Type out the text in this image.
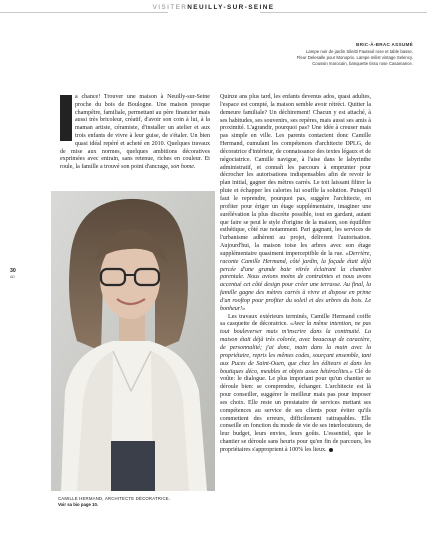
VISITERNEUILLY-SUR-SEINE
BRIC-À-BRAC ASSUMÉ
Lampe noir de jardin Sileitti Fauteuil rose et table basse,
Fleur Delesalle pour Monoprix. Lampe milist vintage Selency.
Coussin marocain, banquette tissu rose Casamance.
30
AD

a chance! Trouver une maison à Neuilly-sur-Seine proche du bois de Boulogne. Une maison presque champêtre, familiale, permettant au père financier mais aussi très bricoleur, créatif, d'avoir son coin à lui, à la maman artiste, céramiste, d'installer un atelier et aux trois enfants de vivre à leur guise, de s'étaler. Un bien quasi idéal repéré et acheté en 2010. Quelques travaux de mise aux normes, quelques ambitions décoratives exprimées avec entrain, sans retenue, riches en couleur. Et roule, la famille a trouvé son point d'ancrage, son home.

CAMILLE HERMAND, ARCHITECTE DÉCORATRICE.
Voir sa bio page 10.

Quinze ans plus tard, les enfants devenus ados, quasi adultes, l'espace est compté, la maison semble avoir rétréci. Quitter la demeure familiale? Un déchirement! Chacun y est attaché, à ses habitudes, ses souvenirs, ses repères, mais aussi ses amis à proximité. L'agrandir, pourquoi pas? Une idée à creuser mais pas simple en ville. Les parents contactent donc Camille Hermand, cumulant les compétences d'architecte DPLG, de décoratrice d'intérieur, de connaissance des textes légaux et de négociatrice. Camille navigue, à l'aise dans le labyrinthe administratif, et connaît les parcours à emprunter pour décrocher les autorisations indispensables afin de revoir le plan initial, gagner des mètres carrés. Le toit laissant filtrer la pluie et échapper les calories lui souffle la solution. Puisqu'il faut le reprendre, pourquoi pas, suggère l'architecte, en profiter pour ériger un étage supplémentaire, imaginer une surélévation la plus discrète possible, tout en gardant, autant que faire se peut le style d'origine de la maison, son équilibre esthétique, côté rue notamment. Pari gagnant, les services de l'urbanisme adhèrent au projet, délivrent l'autorisation. Aujourd'hui, la maison toise les arbres avec son étage supplémentaire quasiment imperceptible de la rue. «Derrière, raconte Camille Hermand, côté jardin, la façade était déjà percée d'une grande baie vitrée éclairant la chambre parentale. Nous avions moins de contraintes et nous avons accentué cet côté design pour créer une terrasse. Au final, la famille gagne des mètres carrés à vivre et dispose en prime d'un rooftop pour profiter du soleil et des arbres du bois. Le bonheur!»

Les travaux extérieurs terminés, Camille Hermand coiffe sa casquette de décoratrice. «Avec la même intention, ne pas tout bouleverser mais m'inscrire dans la continuité. La maison était déjà très colorée, avec beaucoup de caractère, de personnalité; j'ai donc, main dans la main avec la propriétaire, repris les mêmes codes, sourçant ensemble, tant aux Puces de Saint-Ouen, que chez les éditeurs et dans les boutiques déco, meubles et objets assez hétéroclites.» Clé de voûte: le dialogue. Le plus important pour qu'un chantier se déroule bien: se comprendre, échanger. L'architecte est là pour conseiller, suggérer le meilleur mais pas pour imposer ses choix. Elle reste un prestataire de services mettant ses compétences au service de ses clients pour éviter qu'ils commettent des erreurs, difficilement rattrapables. Elle conseille en fonction du mode de vie de ses interlocuteurs, de leur budget, leurs envies, leurs goûts. L'essentiel, que le chantier se déroule sans heurts pour qu'en fin de parcours, les propriétaires s'approprient à 100% les lieux.
